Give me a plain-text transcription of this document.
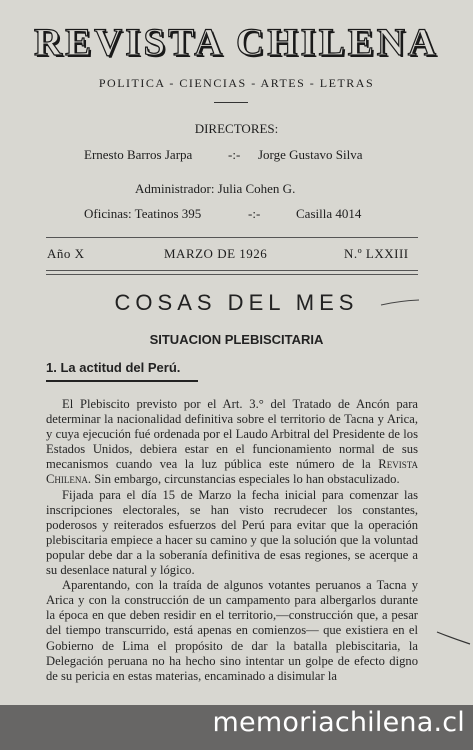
REVISTA CHILENA
POLITICA - CIENCIAS - ARTES - LETRAS
DIRECTORES:
Ernesto Barros Jarpa	-:- Jorge Gustavo Silva
Administrador: Julia Cohen G.
Oficinas: Teatinos 395	-:-	Casilla 4014
Año X	MARZO DE 1926	N.º LXXIII
COSAS DEL MES
SITUACION PLEBISCITARIA
1. La actitud del Perú.

El Plebiscito previsto por el Art. 3.° del Tratado de Ancón para determinar la nacionalidad definitiva sobre el territorio de Tacna y Arica, y cuya ejecución fué ordenada por el Laudo Arbitral del Presidente de los Estados Unidos, debiera estar en el funcionamiento normal de sus mecanismos cuando vea la luz pública este número de la Revista Chilena. Sin embargo, circunstancias especiales lo han obstaculizado.

Fijada para el día 15 de Marzo la fecha inicial para comenzar las inscripciones electorales, se han visto recrudecer los constantes, poderosos y reiterados esfuerzos del Perú para evitar que la operación plebiscitaria empiece a hacer su camino y que la solución que la voluntad popular debe dar a la soberanía definitiva de esas regiones, se acerque a su desenlace natural y lógico.

Aparentando, con la traída de algunos votantes peruanos a Tacna y Arica y con la construcción de un campamento para albergarlos durante la época en que deben residir en el territorio,—construcción que, a pesar del tiempo transcurrido, está apenas en comienzos— que existiera en el Gobierno de Lima el propósito de dar la batalla plebiscitaria, la Delegación peruana no ha hecho sino intentar un golpe de efecto digno de su pericia en estas materias, encaminado a disimular la

memoriachilena.cl
